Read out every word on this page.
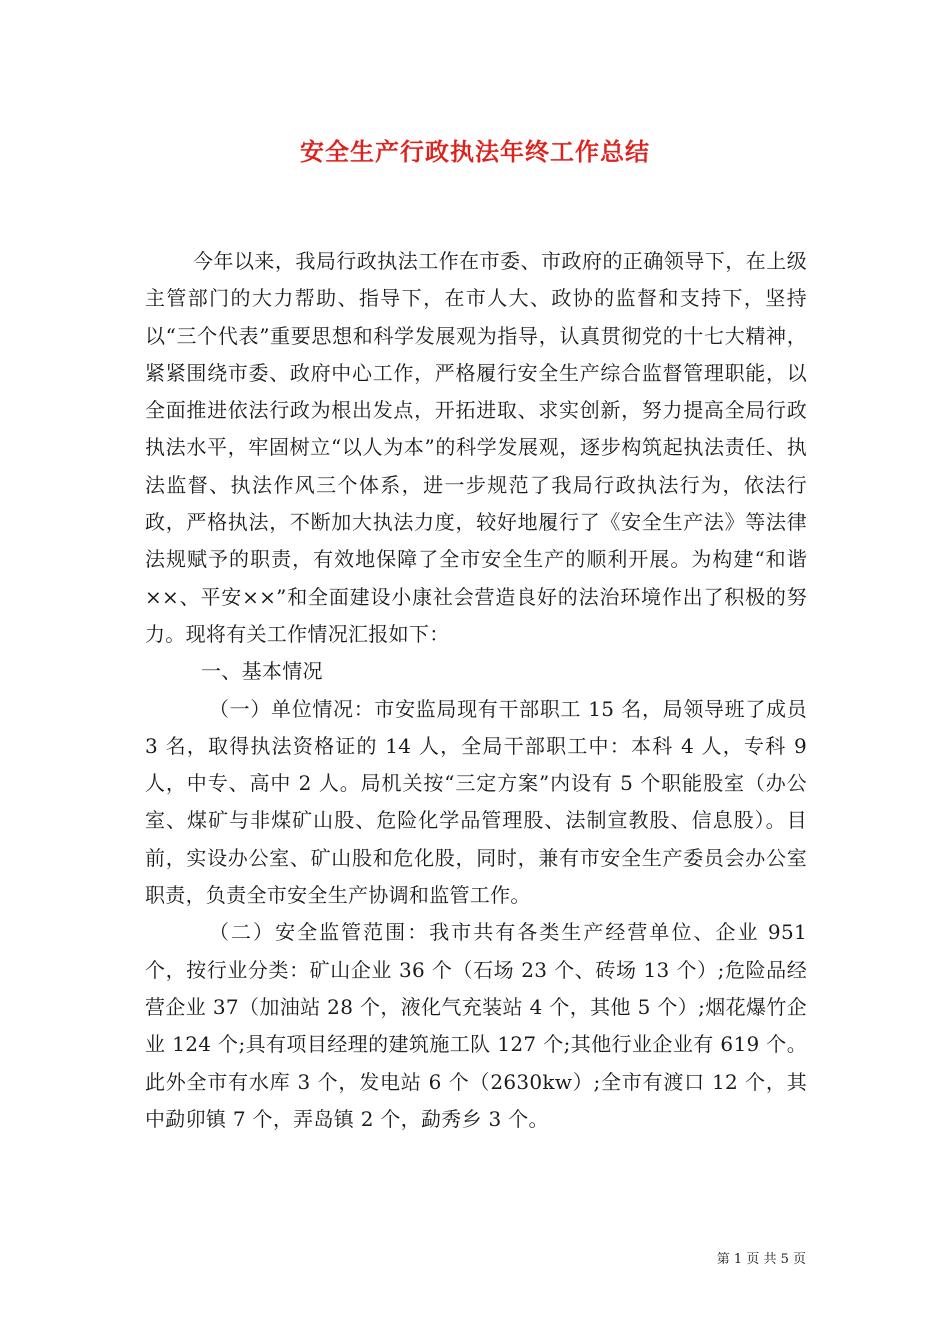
安全生产行政执法年终工作总结

今年以来，我局行政执法工作在市委、市政府的正确领导下，在上级主管部门的大力帮助、指导下，在市人大、政协的监督和支持下，坚持以“三个代表”重要思想和科学发展观为指导，认真贯彻党的十七大精神，紧紧围绕市委、政府中心工作，严格履行安全生产综合监督管理职能，以全面推进依法行政为根出发点，开拓进取、求实创新，努力提高全局行政执法水平，牢固树立“以人为本”的科学发展观，逐步构筑起执法责任、执法监督、执法作风三个体系，进一步规范了我局行政执法行为，依法行政，严格执法，不断加大执法力度，较好地履行了《安全生产法》等法律法规赋予的职责，有效地保障了全市安全生产的顺利开展。为构建“和谐××、平安××”和全面建设小康社会营造良好的法治环境作出了积极的努力。现将有关工作情况汇报如下：

一、基本情况

（一）单位情况：市安监局现有干部职工 15 名，局领导班了成员 3 名，取得执法资格证的 14 人，全局干部职工中：本科 4 人，专科 9 人，中专、高中 2 人。局机关按“三定方案”内设有 5 个职能股室（办公室、煤矿与非煤矿山股、危险化学品管理股、法制宣教股、信息股）。目前，实设办公室、矿山股和危化股，同时，兼有市安全生产委员会办公室职责，负责全市安全生产协调和监管工作。

（二）安全监管范围：我市共有各类生产经营单位、企业 951 个，按行业分类：矿山企业 36 个（石场 23 个、砖场 13 个）;危险品经营企业 37（加油站 28 个，液化气充装站 4 个，其他 5 个）;烟花爆竹企业 124 个;具有项目经理的建筑施工队 127 个;其他行业企业有 619 个。此外全市有水库 3 个，发电站 6 个（2630kw）;全市有渡口 12 个，其中勐卯镇 7 个，弄岛镇 2 个，勐秀乡 3 个。

第 1 页 共 5 页
